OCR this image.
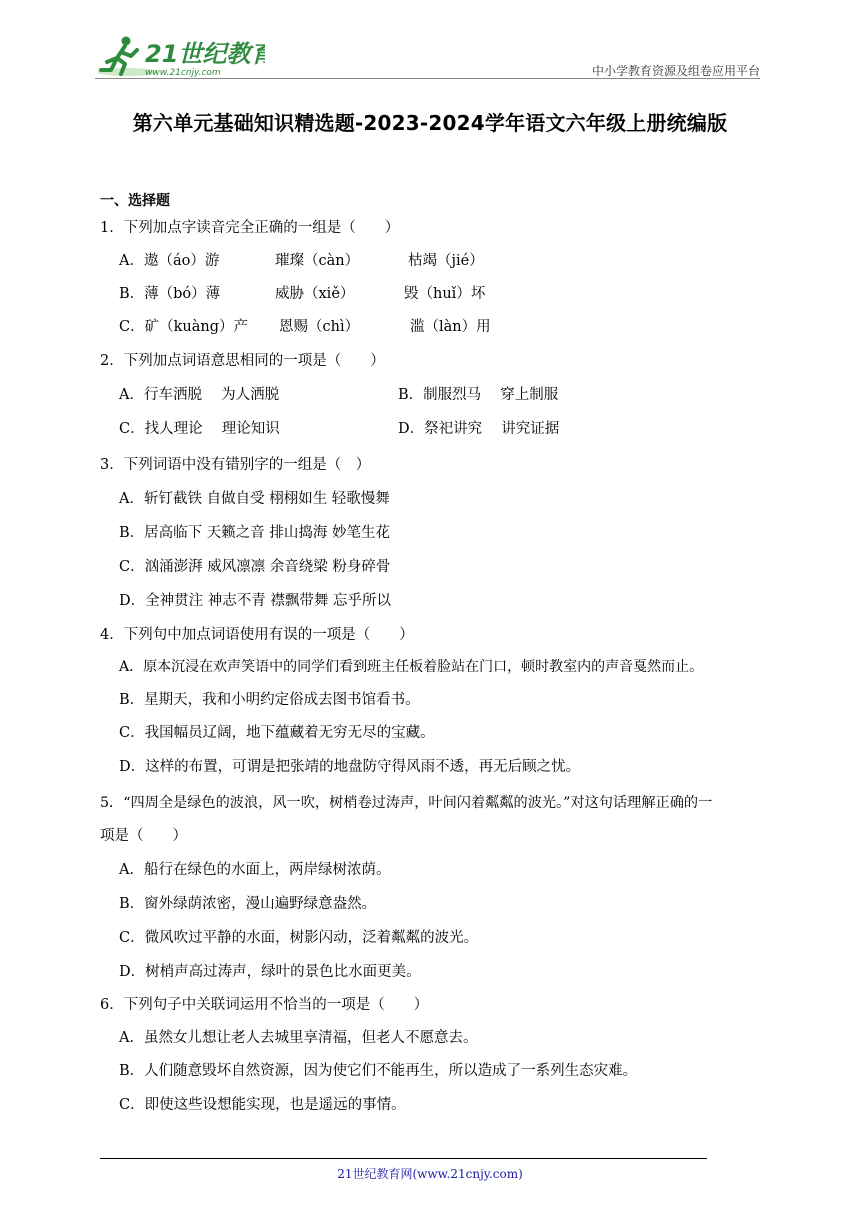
21世纪教育
www.21cnjy.com	中小学教育资源及组卷应用平台
第六单元基础知识精选题-2023-2024学年语文六年级上册统编版
一、选择题
1．下列加点字读音完全正确的一组是（　　）
A．遨（áo）游	璀璨（càn）	枯竭（jié）
B．薄（bó）薄	威胁（xiě）	毁（huǐ）坏
C．矿（kuàng）产 恩赐（chì）	滥（làn）用
2．下列加点词语意思相同的一项是（　　）
A．行车洒脱　 为人洒脱	B．制服烈马　 穿上制服
C．找人理论　 理论知识	D．祭祀讲究　 讲究证据
3．下列词语中没有错别字的一组是（　）
A．斩钉截铁 自做自受 栩栩如生 轻歌慢舞
B．居高临下 天籁之音 排山捣海 妙笔生花
C．汹涌澎湃 威风凛凛 余音绕梁 粉身碎骨
D．全神贯注 神志不青 襟飘带舞 忘乎所以
4．下列句中加点词语使用有误的一项是（　　）
A．原本沉浸在欢声笑语中的同学们看到班主任板着脸站在门口，顿时教室内的声音戛然而止。
B．星期天，我和小明约定俗成去图书馆看书。
C．我国幅员辽阔，地下蕴藏着无穷无尽的宝藏。
D．这样的布置，可谓是把张靖的地盘防守得风雨不透，再无后顾之忧。
5．“四周全是绿色的波浪，风一吹，树梢卷过涛声，叶间闪着粼粼的波光。”对这句话理解正确的一
项是（　　）
A．船行在绿色的水面上，两岸绿树浓荫。
B．窗外绿荫浓密，漫山遍野绿意盎然。
C．微风吹过平静的水面，树影闪动，泛着粼粼的波光。
D．树梢声高过涛声，绿叶的景色比水面更美。
6．下列句子中关联词运用不恰当的一项是（　　）
A．虽然女儿想让老人去城里享清福，但老人不愿意去。
B．人们随意毁坏自然资源，因为使它们不能再生，所以造成了一系列生态灾难。
C．即使这些设想能实现，也是遥远的事情。
21世纪教育网(www.21cnjy.com)
